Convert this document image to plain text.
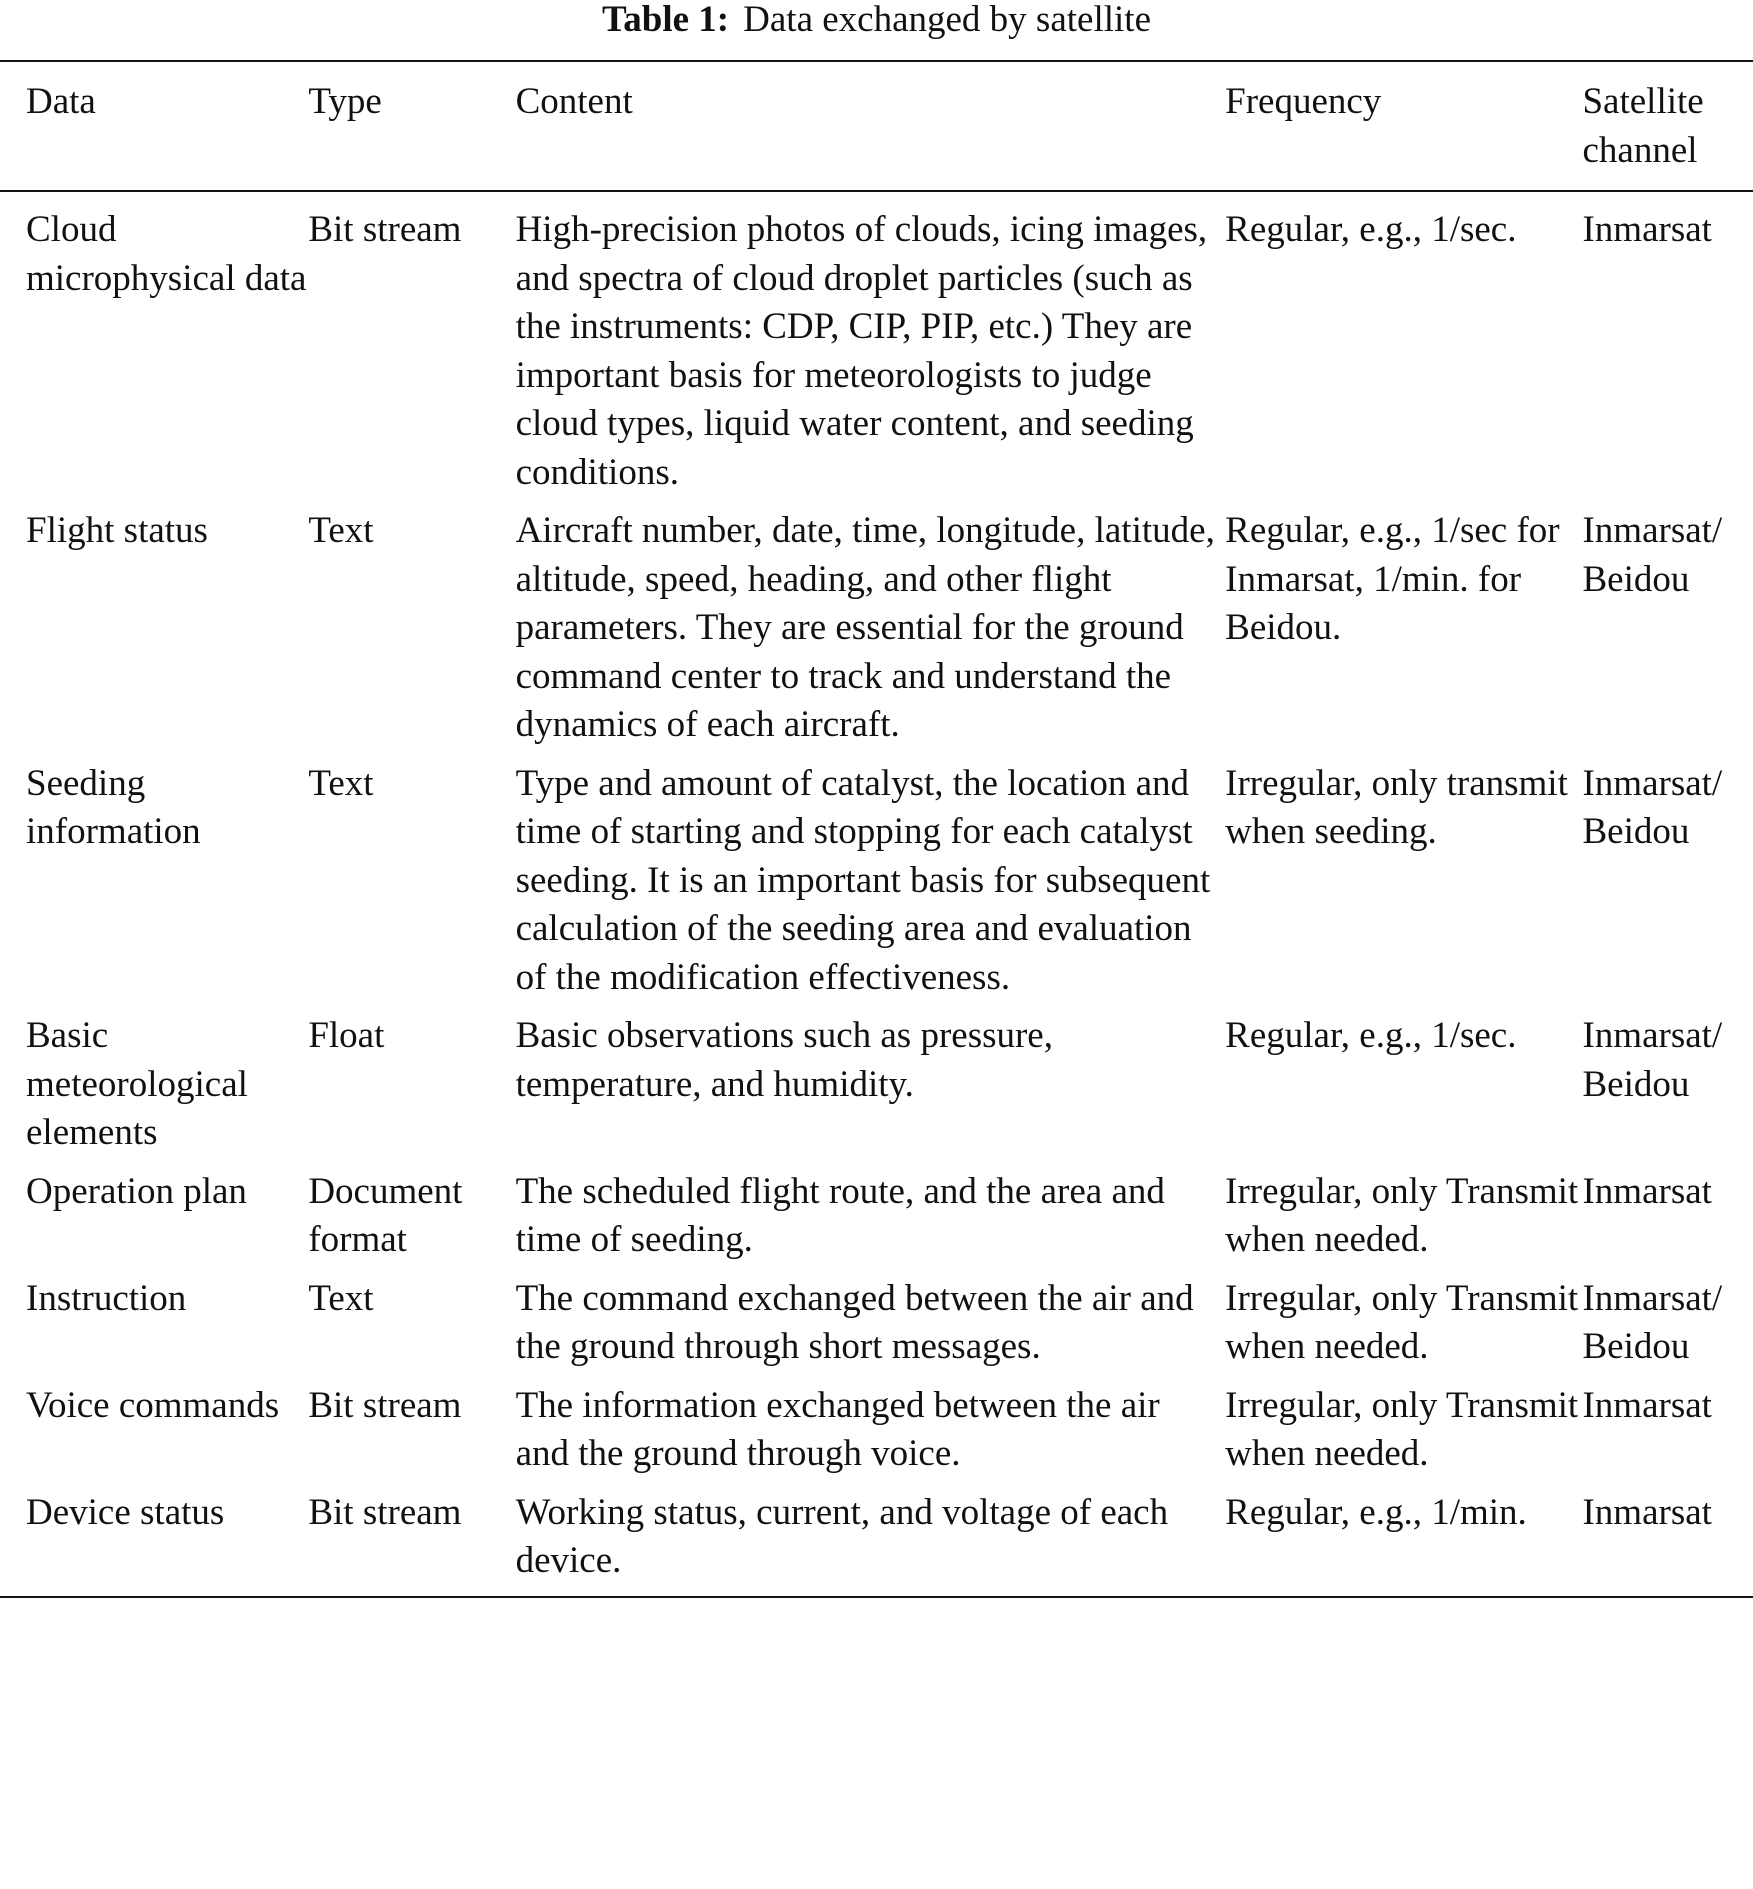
Table 1: Data exchanged by satellite
Data	Type	Content	Frequency	Satellite channel
Cloud microphysical data	Bit stream	High-precision photos of clouds, icing images, and spectra of cloud droplet particles (such as the instruments: CDP, CIP, PIP, etc.) They are important basis for meteorologists to judge cloud types, liquid water content, and seeding conditions.	Regular, e.g., 1/sec.	Inmarsat
Flight status	Text	Aircraft number, date, time, longitude, latitude, altitude, speed, heading, and other flight parameters. They are essential for the ground command center to track and understand the dynamics of each aircraft.	Regular, e.g., 1/sec for Inmarsat, 1/min. for Beidou.	Inmarsat/ Beidou
Seeding information	Text	Type and amount of catalyst, the location and time of starting and stopping for each catalyst seeding. It is an important basis for subsequent calculation of the seeding area and evaluation of the modification effectiveness.	Irregular, only transmit when seeding.	Inmarsat/ Beidou
Basic meteorological elements	Float	Basic observations such as pressure, temperature, and humidity.	Regular, e.g., 1/sec.	Inmarsat/ Beidou
Operation plan	Document format	The scheduled flight route, and the area and time of seeding.	Irregular, only Transmit when needed.	Inmarsat
Instruction	Text	The command exchanged between the air and the ground through short messages.	Irregular, only Transmit when needed.	Inmarsat/ Beidou
Voice commands	Bit stream	The information exchanged between the air and the ground through voice.	Irregular, only Transmit when needed.	Inmarsat
Device status	Bit stream	Working status, current, and voltage of each device.	Regular, e.g., 1/min.	Inmarsat
